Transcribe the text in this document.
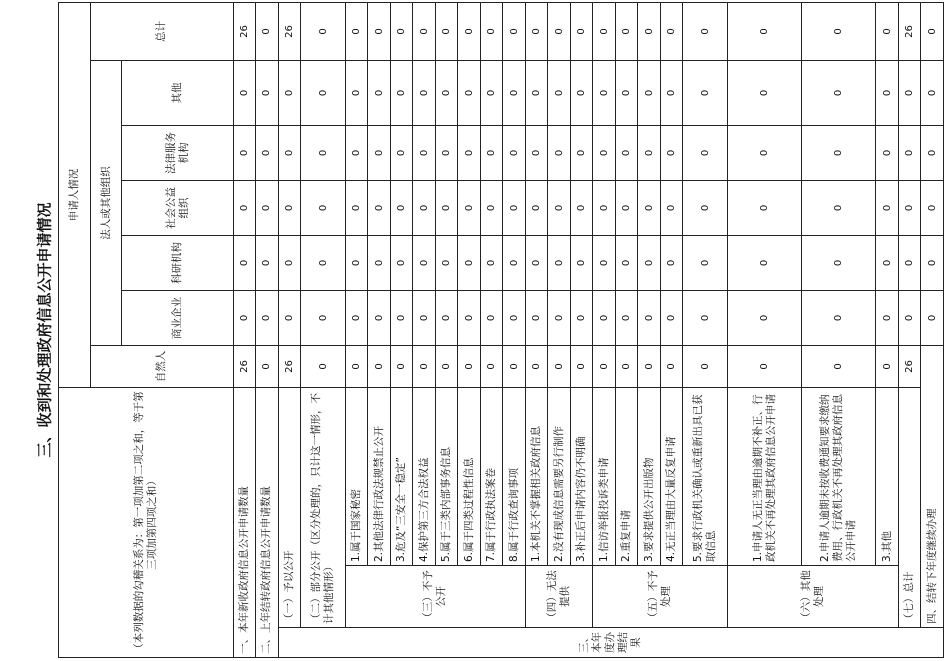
三、收到和处理政府信息公开申请情况
（本列数据的勾稽关系为：第一项加第二项之和，等于第三项加第四项之和）			申请人情况							
			自然人	法人或其他组织					总计	
				商业企业	科研机构	社会公益组织	法律服务机构	其他		
一、本年新收政府信息公开申请数量			26	0	0	0	0	0	26	
二、上年结转政府信息公开申请数量			0	0	0	0	0	0	0	
三、本年度办理结果	（一）予以公开		26	0	0	0	0	0	26	
	（二）部分公开（区分处理的，只计这一情形，不计其他情形）		0	0	0	0	0	0	0	
	（三）不予公开	1.属于国家秘密	0	0	0	0	0	0	0	
		2.其他法律行政法规禁止公开	0	0	0	0	0	0	0	
		3.危及“三安全一稳定”	0	0	0	0	0	0	0	
		4.保护第三方合法权益	0	0	0	0	0	0	0	
		5.属于三类内部事务信息	0	0	0	0	0	0	0	
		6.属于四类过程性信息	0	0	0	0	0	0	0	
		7.属于行政执法案卷	0	0	0	0	0	0	0	
		8.属于行政查询事项	0	0	0	0	0	0	0	
	（四）无法提供	1.本机关不掌握相关政府信息	0	0	0	0	0	0	0	
		2.没有现成信息需要另行制作	0	0	0	0	0	0	0	
		3.补正后申请内容仍不明确	0	0	0	0	0	0	0	
	（五）不予处理	1.信访举报投诉类申请	0	0	0	0	0	0	0	
		2.重复申请	0	0	0	0	0	0	0	
		3.要求提供公开出版物	0	0	0	0	0	0	0	
		4.无正当理由大量反复申请	0	0	0	0	0	0	0	
		5.要求行政机关确认或重新出具已获取信息	0	0	0	0	0	0	0	
	（六）其他处理	1.申请人无正当理由逾期不补正、行政机关不再处理其政府信息公开申请	0	0	0	0	0	0	0	
		2.申请人逾期未按收费通知要求缴纳费用、行政机关不再处理其政府信息公开申请	0	0	0	0	0	0	0	
		3.其他	0	0	0	0	0	0	0	
	（七）总计		26	0	0	0	0	0	26	
	四、结转下年度继续办理			0	0	0	0	0	0	
